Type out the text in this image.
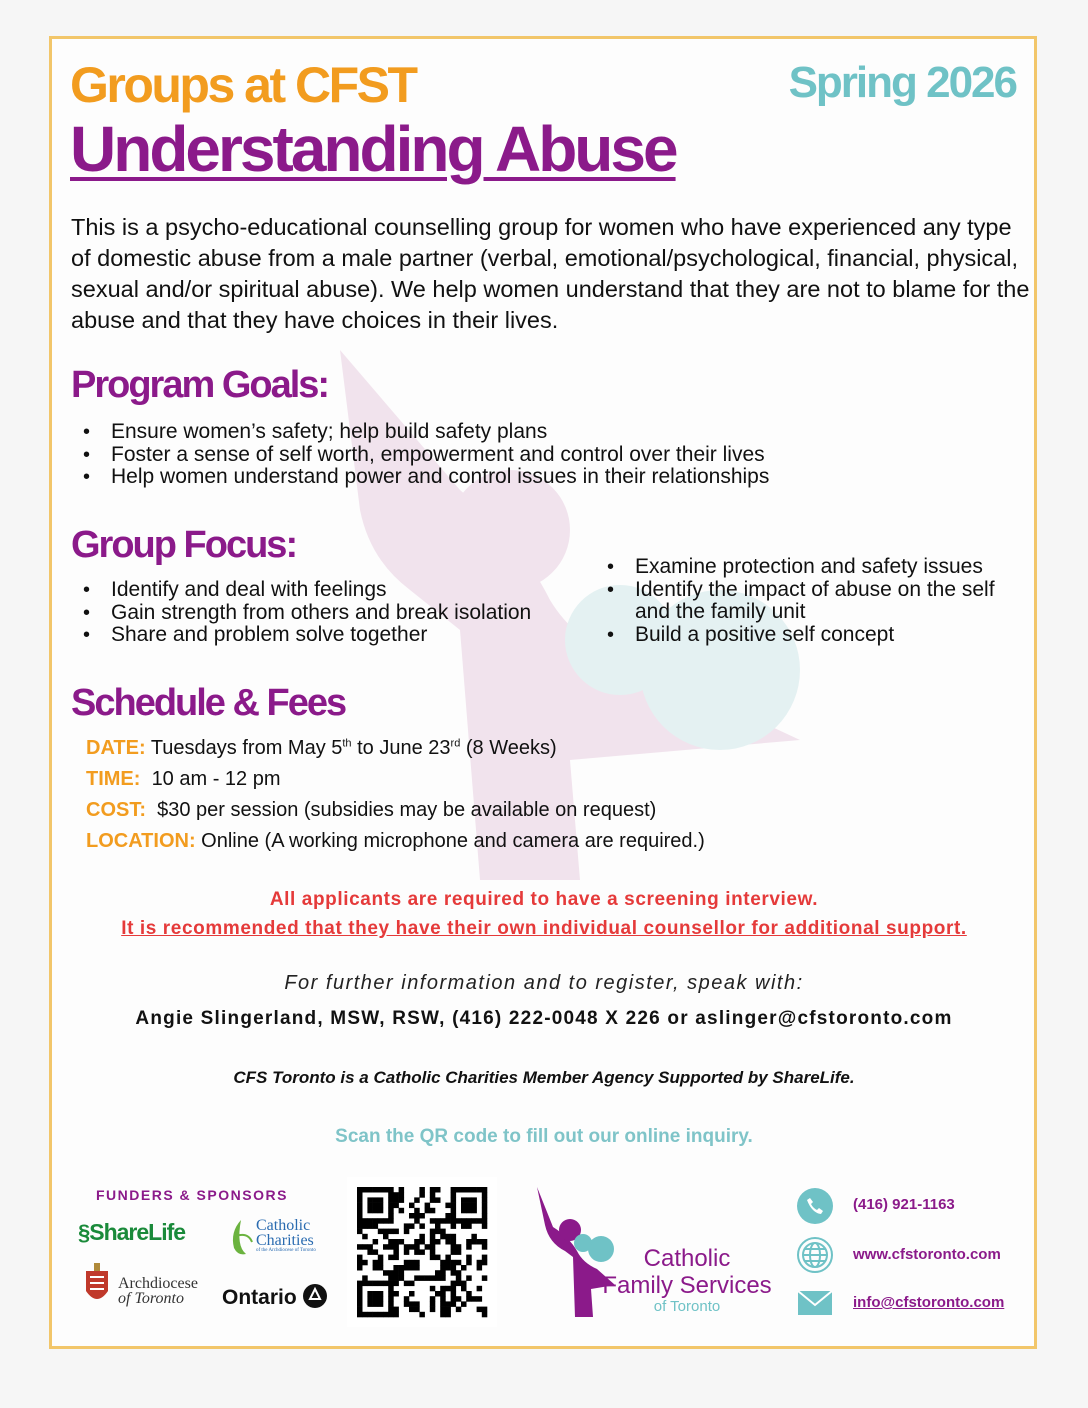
Groups at CFST	Spring 2026
Understanding Abuse
This is a psycho-educational counselling group for women who have experienced any type of domestic abuse from a male partner (verbal, emotional/psychological, financial, physical, sexual and/or spiritual abuse). We help women understand that they are not to blame for the abuse and that they have choices in their lives.
Program Goals:
• Ensure women’s safety; help build safety plans
• Foster a sense of self worth, empowerment and control over their lives
• Help women understand power and control issues in their relationships
Group Focus:
• Identify and deal with feelings
• Gain strength from others and break isolation
• Share and problem solve together
• Examine protection and safety issues
• Identify the impact of abuse on the self and the family unit
• Build a positive self concept
Schedule & Fees
DATE: Tuesdays from May 5th to June 23rd (8 Weeks)
TIME: 10 am - 12 pm
COST: $30 per session (subsidies may be available on request)
LOCATION: Online (A working microphone and camera are required.)
All applicants are required to have a screening interview.
It is recommended that they have their own individual counsellor for additional support.
For further information and to register, speak with:
Angie Slingerland, MSW, RSW, (416) 222-0048 X 226 or aslinger@cfstoronto.com
CFS Toronto is a Catholic Charities Member Agency Supported by ShareLife.
Scan the QR code to fill out our online inquiry.
FUNDERS & SPONSORS
§ShareLife	Catholic
Charities
of the Archdiocese of Toronto
Archdiocese
of Toronto	Ontario
Catholic
Family Services
of Toronto
(416) 921-1163
www.cfstoronto.com
info@cfstoronto.com
